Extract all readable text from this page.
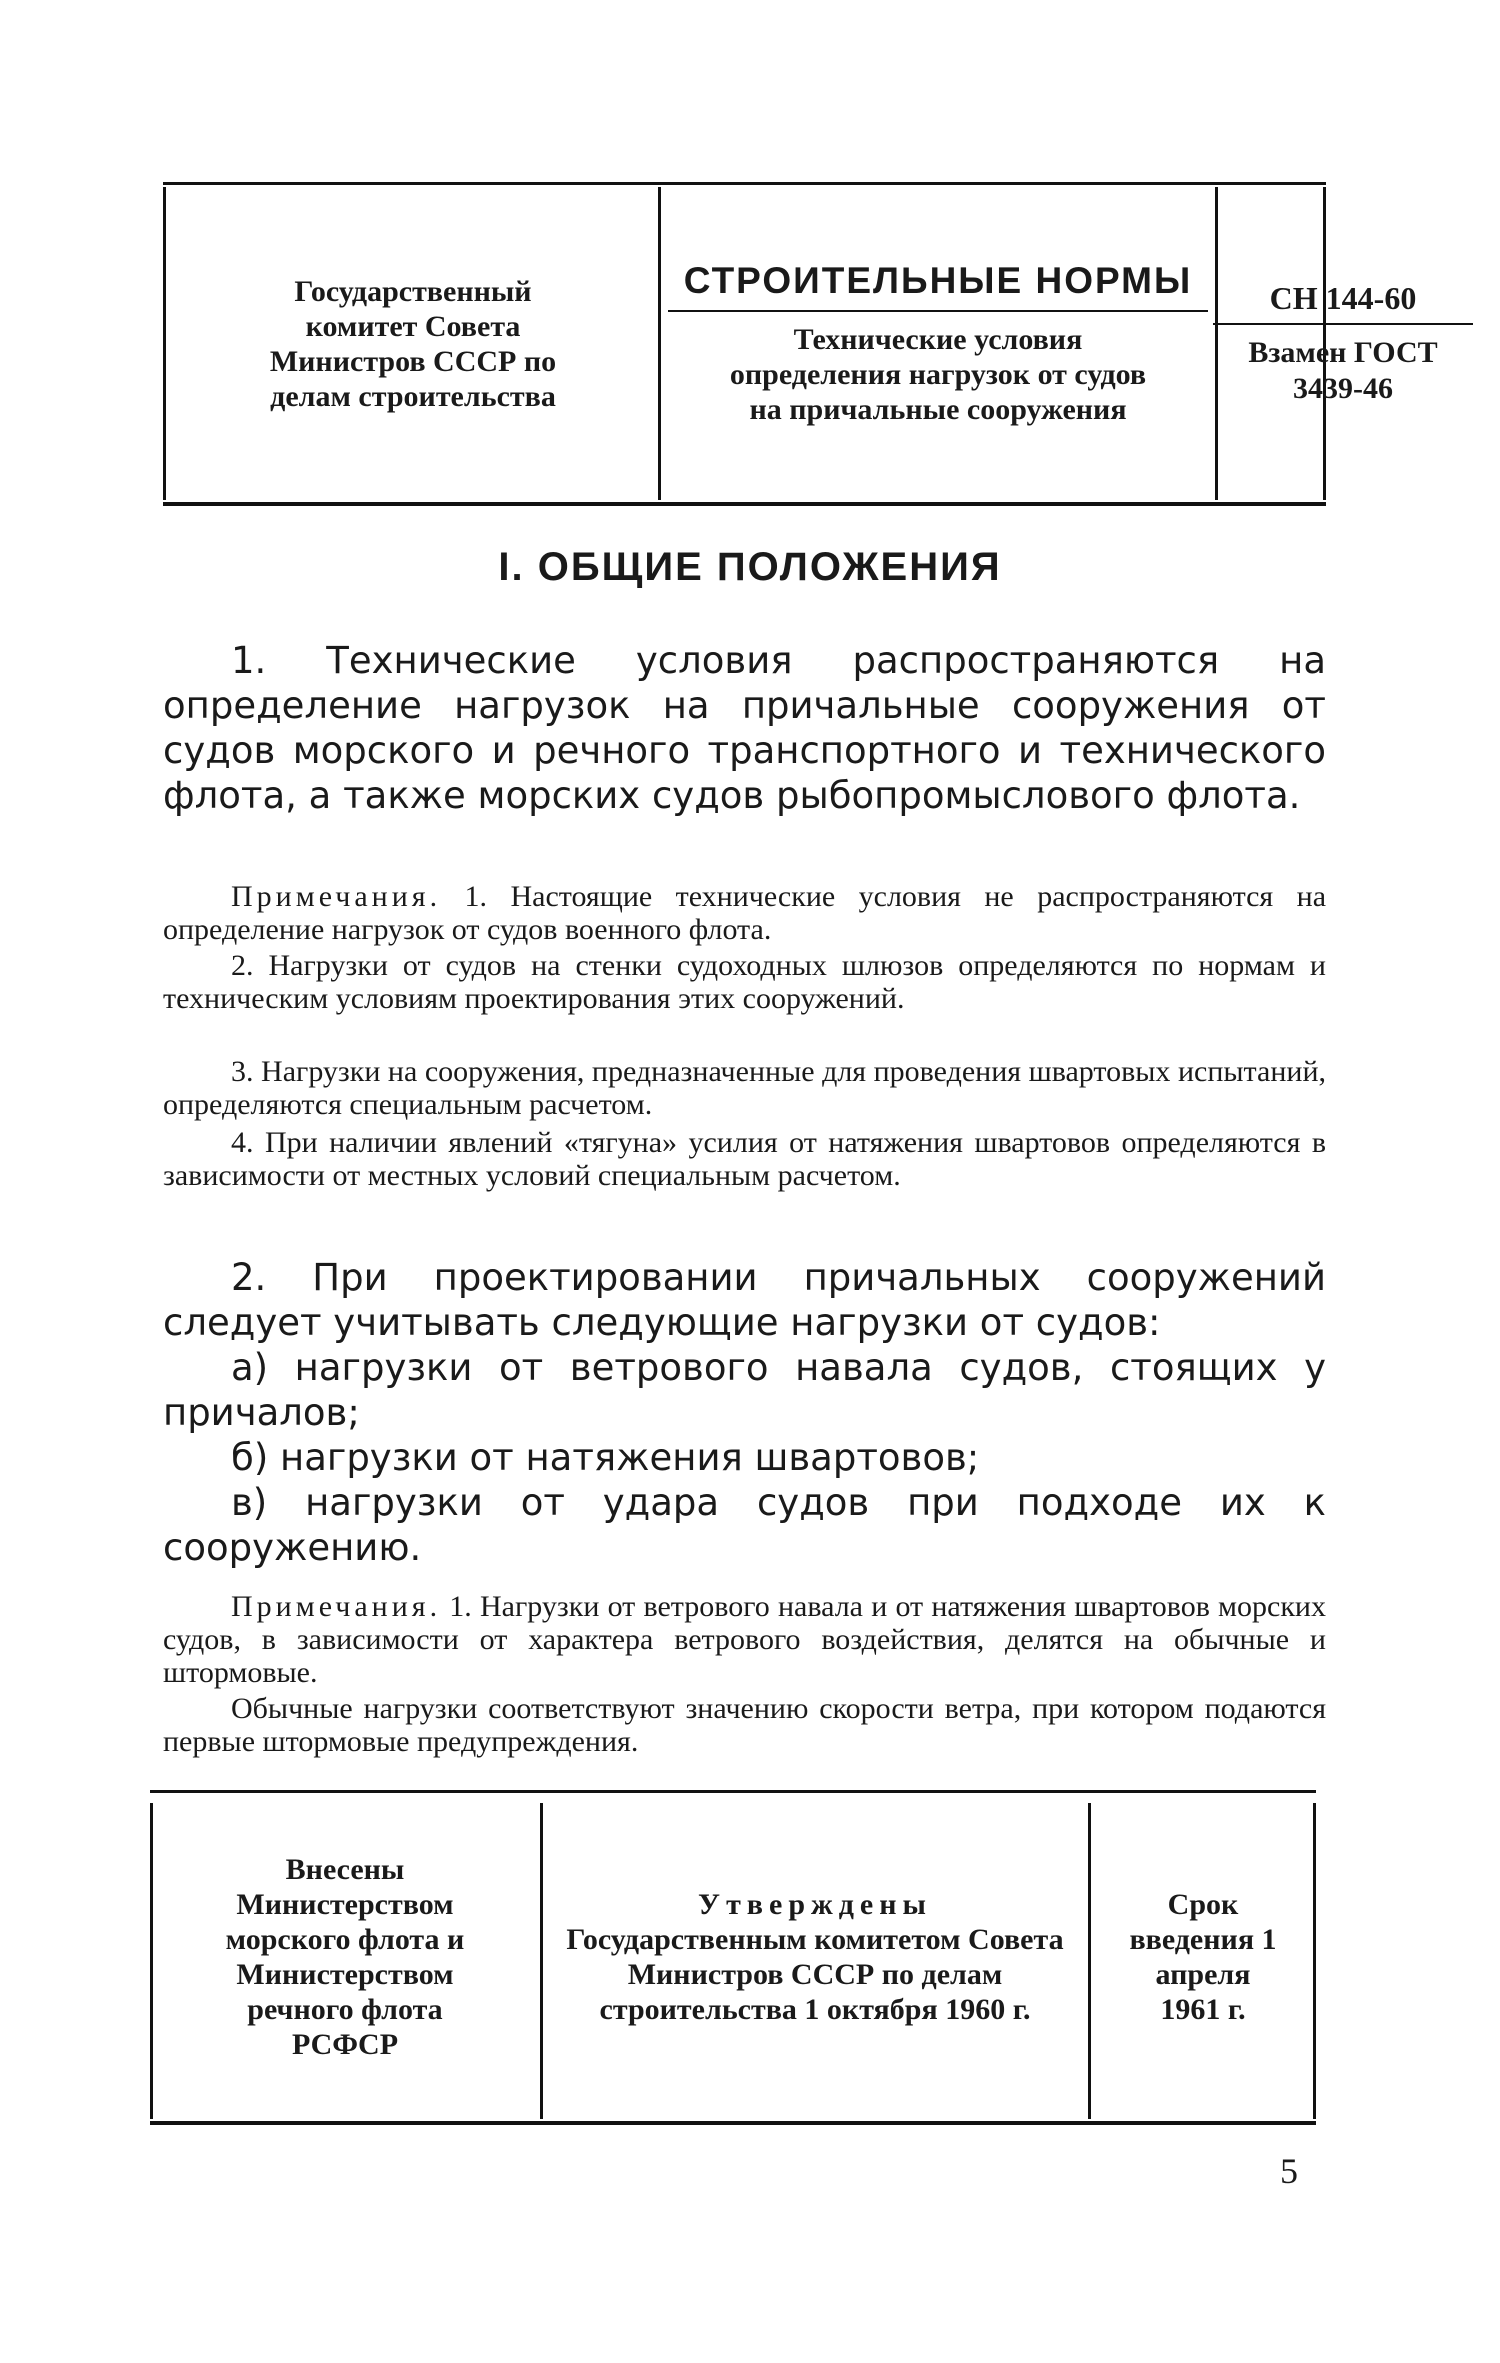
Государственный комитет Совета Министров СССР по делам строительства
СТРОИТЕЛЬНЫЕ НОРМЫ
Технические условия определения нагрузок от судов на причальные сооружения
СН 144-60
Взамен ГОСТ 3439-46
I. ОБЩИЕ ПОЛОЖЕНИЯ
1. Технические условия распространяются на определение нагрузок на причальные сооружения от судов морского и речного транспортного и технического флота, а также морских судов рыбопромыслового флота.
Примечания. 1. Настоящие технические условия не распространяются на определение нагрузок от судов военного флота.
2. Нагрузки от судов на стенки судоходных шлюзов определяются по нормам и техническим условиям проектирования этих сооружений.
3. Нагрузки на сооружения, предназначенные для проведения швартовых испытаний, определяются специальным расчетом.
4. При наличии явлений «тягуна» усилия от натяжения швартовов определяются в зависимости от местных условий специальным расчетом.
2. При проектировании причальных сооружений следует учитывать следующие нагрузки от судов:
а) нагрузки от ветрового навала судов, стоящих у причалов;
б) нагрузки от натяжения швартовов;
в) нагрузки от удара судов при подходе их к сооружению.
Примечания. 1. Нагрузки от ветрового навала и от натяжения швартовов морских судов, в зависимости от характера ветрового воздействия, делятся на обычные и штормовые.
Обычные нагрузки соответствуют значению скорости ветра, при котором подаются первые штормовые предупреждения.
Внесены Министерством морского флота и Министерством речного флота РСФСР
Утверждены
Государственным комитетом Совета Министров СССР по делам строительства 1 октября 1960 г.
Срок введения 1 апреля 1961 г.
5
